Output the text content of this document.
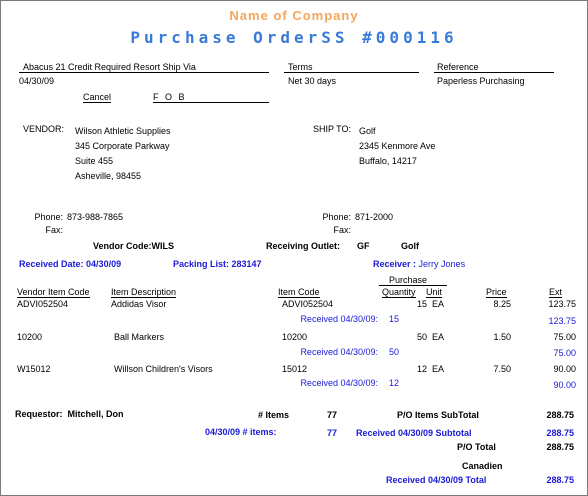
Name of Company
Purchase OrderSS #000116
Abacus 21 Credit Required Resort Ship Via	Terms	Reference
04/30/09	Net 30 days	Paperless Purchasing
Cancel	F O B
VENDOR: Wilson Athletic Supplies
345 Corporate Parkway
Suite 455
Asheville, 98455
SHIP TO: Golf
2345 Kenmore Ave
Buffalo, 14217
Phone: 873-988-7865
Fax:
Phone: 871-2000
Fax:
Vendor Code:WILS	Receiving Outlet: GF	Golf
Received Date: 04/30/09	Packing List: 283147	Receiver : Jerry Jones
Purchase
Vendor Item Code Item Description	Item Code	Quantity Unit	Price	Ext
ADVI052504	Addidas Visor	ADVI052504	15 EA	8.25	123.75
Received 04/30/09: 15	123.75
10200	Ball Markers	10200	50 EA	1.50	75.00
Received 04/30/09: 50	75.00
W15012	Willson Children's Visors	15012	12 EA	7.50	90.00
Received 04/30/09: 12	90.00
Requestor: Mitchell, Don	# Items	77
04/30/09 # items:	77
P/O Items SubTotal	288.75
Received 04/30/09 Subtotal	288.75
P/O Total	288.75
Canadien
Received 04/30/09 Total	288.75
